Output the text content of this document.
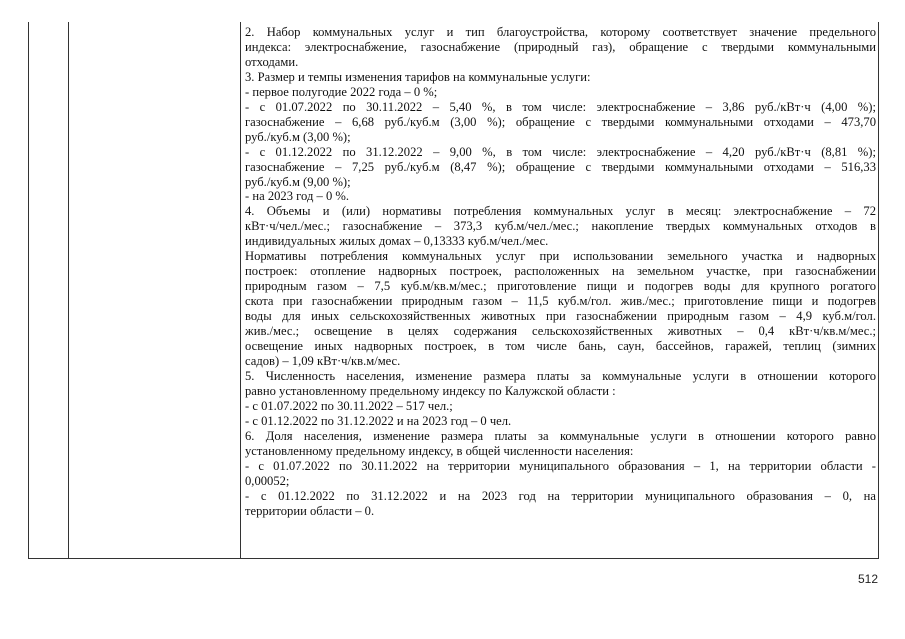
2. Набор коммунальных услуг и тип благоустройства, которому соответствует значение предельного
индекса: электроснабжение, газоснабжение (природный газ), обращение с твердыми коммунальными
отходами.
3. Размер и темпы изменения тарифов на коммунальные услуги:
- первое полугодие 2022 года – 0 %;
- с 01.07.2022 по 30.11.2022 – 5,40 %, в том числе: электроснабжение – 3,86 руб./кВт·ч (4,00 %);
газоснабжение – 6,68 руб./куб.м (3,00 %); обращение с твердыми коммунальными отходами – 473,70
руб./куб.м (3,00 %);
- с 01.12.2022 по 31.12.2022 – 9,00 %, в том числе: электроснабжение – 4,20 руб./кВт·ч (8,81 %);
газоснабжение – 7,25 руб./куб.м (8,47 %); обращение с твердыми коммунальными отходами – 516,33
руб./куб.м (9,00 %);
- на 2023 год – 0 %.
4. Объемы и (или) нормативы потребления коммунальных услуг в месяц: электроснабжение – 72
кВт·ч/чел./мес.; газоснабжение – 373,3 куб.м/чел./мес.; накопление твердых коммунальных отходов в
индивидуальных жилых домах – 0,13333 куб.м/чел./мес.
Нормативы потребления коммунальных услуг при использовании земельного участка и надворных
построек: отопление надворных построек, расположенных на земельном участке, при газоснабжении
природным газом – 7,5 куб.м/кв.м/мес.; приготовление пищи и подогрев воды для крупного рогатого
скота при газоснабжении природным газом – 11,5 куб.м/гол. жив./мес.; приготовление пищи и подогрев
воды для иных сельскохозяйственных животных при газоснабжении природным газом – 4,9 куб.м/гол.
жив./мес.; освещение в целях содержания сельскохозяйственных животных – 0,4 кВт·ч/кв.м/мес.;
освещение иных надворных построек, в том числе бань, саун, бассейнов, гаражей, теплиц (зимних
садов) – 1,09 кВт·ч/кв.м/мес.
5. Численность населения, изменение размера платы за коммунальные услуги в отношении которого
равно установленному предельному индексу по Калужской области :
- с 01.07.2022 по 30.11.2022 – 517 чел.;
- с 01.12.2022 по 31.12.2022 и на 2023 год – 0 чел.
6. Доля населения, изменение размера платы за коммунальные услуги в отношении которого равно
установленному предельному индексу, в общей численности населения:
- с 01.07.2022 по 30.11.2022 на территории муниципального образования – 1, на территории области -
0,00052;
- с 01.12.2022 по 31.12.2022 и на 2023 год на территории муниципального образования – 0, на
территории области – 0.
512
